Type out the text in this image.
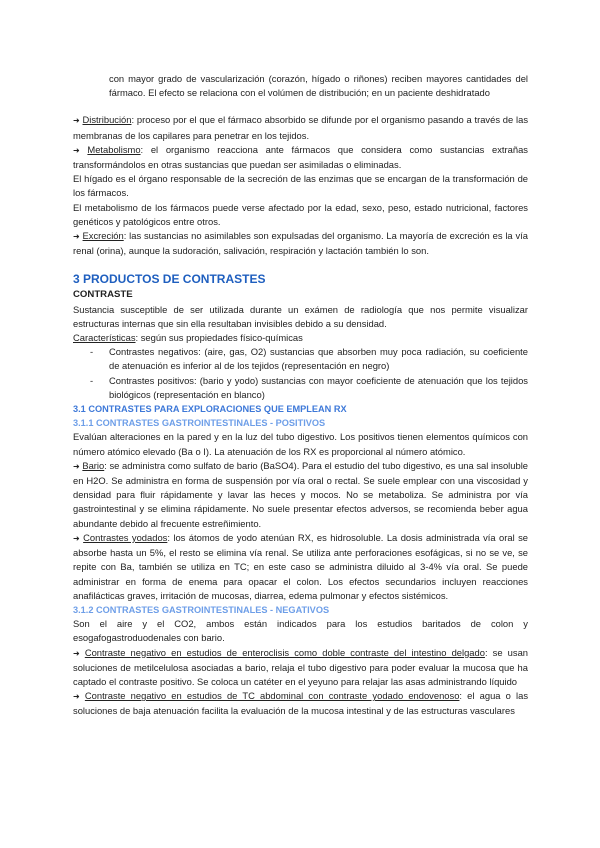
con mayor grado de vascularización (corazón, hígado o riñones) reciben mayores cantidades del fármaco. El efecto se relaciona con el volúmen de distribución; en un paciente deshidratado

➜ Distribución: proceso por el que el fármaco absorbido se difunde por el organismo pasando a través de las membranas de los capilares para penetrar en los tejidos.

➜ Metabolismo: el organismo reacciona ante fármacos que considera como sustancias extrañas transformándolos en otras sustancias que puedan ser asimiladas o eliminadas.

El hígado es el órgano responsable de la secreción de las enzimas que se encargan de la transformación de los fármacos.

El metabolismo de los fármacos puede verse afectado por la edad, sexo, peso, estado nutricional, factores genéticos y patológicos entre otros.

➜ Excreción: las sustancias no asimilables son expulsadas del organismo. La mayoría de excreción es la vía renal (orina), aunque la sudoración, salivación, respiración y lactación también lo son.

3 PRODUCTOS DE CONTRASTES
CONTRASTE

Sustancia susceptible de ser utilizada durante un exámen de radiología que nos permite visualizar estructuras internas que sin ella resultaban invisibles debido a su densidad.

Características: según sus propiedades físico-químicas

- Contrastes negativos: (aire, gas, O2) sustancias que absorben muy poca radiación, su coeficiente de atenuación es inferior al de los tejidos (representación en negro)

- Contrastes positivos: (bario y yodo) sustancias con mayor coeficiente de atenuación que los tejidos biológicos (representación en blanco)

3.1 CONTRASTES PARA EXPLORACIONES QUE EMPLEAN RX
3.1.1 CONTRASTES GASTROINTESTINALES - POSITIVOS

Evalúan alteraciones en la pared y en la luz del tubo digestivo. Los positivos tienen elementos químicos con número atómico elevado (Ba o I). La atenuación de los RX es proporcional al número atómico.

➜ Bario: se administra como sulfato de bario (BaSO4). Para el estudio del tubo digestivo, es una sal insoluble en H2O. Se administra en forma de suspensión por vía oral o rectal. Se suele emplear con una viscosidad y densidad para fluir rápidamente y lavar las heces y mocos. No se metaboliza. Se administra por vía gastrointestinal y se elimina rápidamente. No suele presentar efectos adversos, se recomienda beber agua abundante debido al frecuente estreñimiento.

➜ Contrastes yodados: los átomos de yodo atenúan RX, es hidrosoluble. La dosis administrada vía oral se absorbe hasta un 5%, el resto se elimina vía renal. Se utiliza ante perforaciones esofágicas, si no se ve, se repite con Ba, también se utiliza en TC; en este caso se administra diluido al 3-4% vía oral. Se puede administrar en forma de enema para opacar el colon. Los efectos secundarios incluyen reacciones anafilácticas graves, irritación de mucosas, diarrea, edema pulmonar y efectos sistémicos.

3.1.2 CONTRASTES GASTROINTESTINALES - NEGATIVOS

Son el aire y el CO2, ambos están indicados para los estudios baritados de colon y esogafogastroduodenales con bario.

➜ Contraste negativo en estudios de enteroclisis como doble contraste del intestino delgado: se usan soluciones de metilcelulosa asociadas a bario, relaja el tubo digestivo para poder evaluar la mucosa que ha captado el contraste positivo. Se coloca un catéter en el yeyuno para relajar las asas administrando líquido

➜ Contraste negativo en estudios de TC abdominal con contraste yodado endovenoso: el agua o las soluciones de baja atenuación facilita la evaluación de la mucosa intestinal y de las estructuras vasculares
